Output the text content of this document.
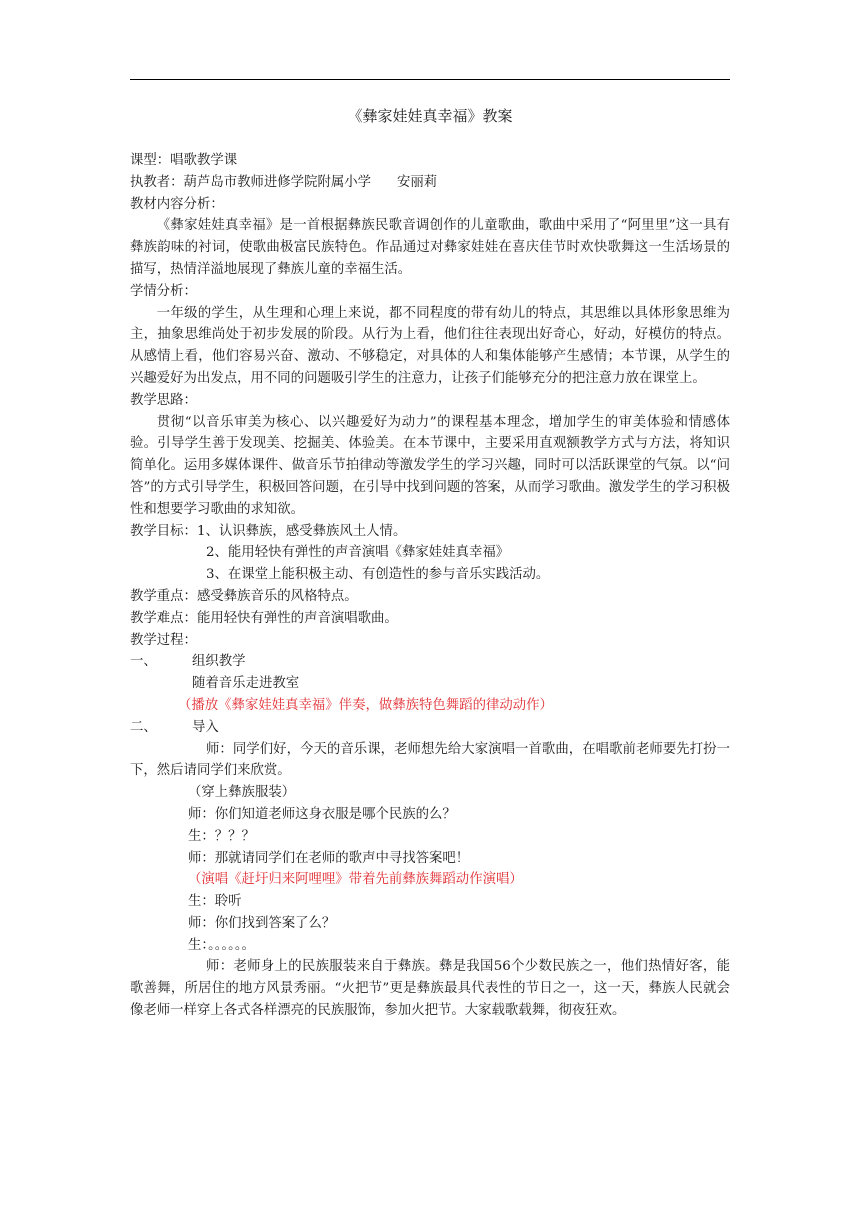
《彝家娃娃真幸福》教案

课型：唱歌教学课

执教者：葫芦岛市教师进修学院附属小学 安丽莉

教材内容分析：

《彝家娃娃真幸福》是一首根据彝族民歌音调创作的儿童歌曲，歌曲中采用了“阿里里”这一具有彝族韵味的衬词，使歌曲极富民族特色。作品通过对彝家娃娃在喜庆佳节时欢快歌舞这一生活场景的描写，热情洋溢地展现了彝族儿童的幸福生活。

学情分析：

一年级的学生，从生理和心理上来说，都不同程度的带有幼儿的特点，其思维以具体形象思维为主，抽象思维尚处于初步发展的阶段。从行为上看，他们往往表现出好奇心，好动，好模仿的特点。从感情上看，他们容易兴奋、激动、不够稳定，对具体的人和集体能够产生感情；本节课，从学生的兴趣爱好为出发点，用不同的问题吸引学生的注意力，让孩子们能够充分的把注意力放在课堂上。

教学思路：

贯彻“以音乐审美为核心、以兴趣爱好为动力”的课程基本理念，增加学生的审美体验和情感体验。引导学生善于发现美、挖掘美、体验美。在本节课中，主要采用直观额教学方式与方法，将知识简单化。运用多媒体课件、做音乐节拍律动等激发学生的学习兴趣，同时可以活跃课堂的气氛。以“问答”的方式引导学生，积极回答问题，在引导中找到问题的答案，从而学习歌曲。激发学生的学习积极性和想要学习歌曲的求知欲。

教学目标：1、认识彝族，感受彝族风土人情。

2、能用轻快有弹性的声音演唱《彝家娃娃真幸福》

3、在课堂上能积极主动、有创造性的参与音乐实践活动。

教学重点：感受彝族音乐的风格特点。

教学难点：能用轻快有弹性的声音演唱歌曲。

教学过程：

一、	组织教学

随着音乐走进教室

（播放《彝家娃娃真幸福》伴奏，做彝族特色舞蹈的律动动作）

二、	导入

师：同学们好，今天的音乐课，老师想先给大家演唱一首歌曲，在唱歌前老师要先打扮一下，然后请同学们来欣赏。

（穿上彝族服装）

师：你们知道老师这身衣服是哪个民族的么？

生：？？？

师：那就请同学们在老师的歌声中寻找答案吧！

（演唱《赶圩归来阿哩哩》带着先前彝族舞蹈动作演唱）

生：聆听

师：你们找到答案了么？

生：。。。。。。

师：老师身上的民族服装来自于彝族。彝是我国56个少数民族之一，他们热情好客，能歌善舞，所居住的地方风景秀丽。“火把节”更是彝族最具代表性的节日之一，这一天，彝族人民就会像老师一样穿上各式各样漂亮的民族服饰，参加火把节。大家载歌载舞，彻夜狂欢。
